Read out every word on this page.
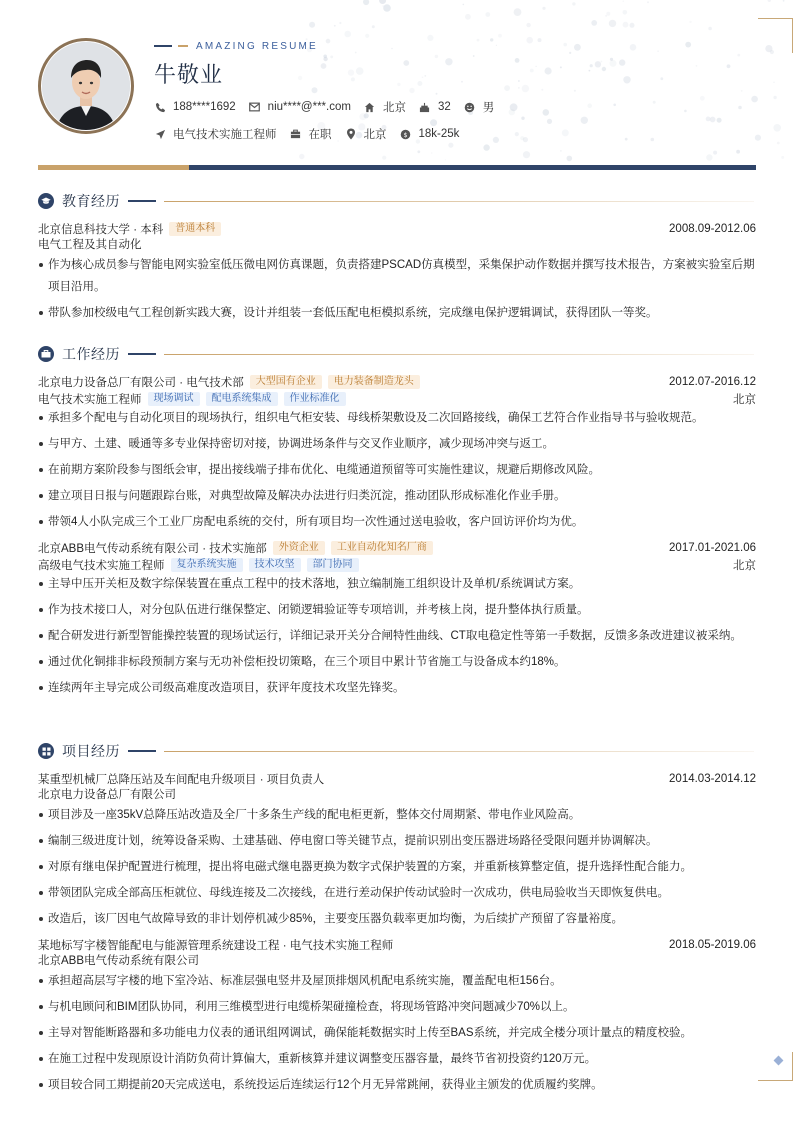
AMAZING RESUME
牛敬业
188****1692	niu****@***.com	北京	32	男
电气技术实施工程师	在职	北京 $ 18k-25k
教育经历
北京信息科技大学 · 本科	普通本科	2008.09-2012.06
电气工程及其自动化
作为核心成员参与智能电网实验室低压微电网仿真课题，负责搭建PSCAD仿真模型，采集保护动作数据并撰写技术报告，方案被实验室后期项目沿用。
带队参加校级电气工程创新实践大赛，设计并组装一套低压配电柜模拟系统，完成继电保护逻辑调试，获得团队一等奖。
工作经历
北京电力设备总厂有限公司 · 电气技术部	大型国有企业	电力装备制造龙头	2012.07-2016.12
电气技术实施工程师	现场调试	配电系统集成	作业标准化	北京
承担多个配电与自动化项目的现场执行，组织电气柜安装、母线桥架敷设及二次回路接线，确保工艺符合作业指导书与验收规范。
与甲方、土建、暖通等多专业保持密切对接，协调进场条件与交叉作业顺序，减少现场冲突与返工。
在前期方案阶段参与图纸会审，提出接线端子排布优化、电缆通道预留等可实施性建议，规避后期修改风险。
建立项目日报与问题跟踪台账，对典型故障及解决办法进行归类沉淀，推动团队形成标准化作业手册。
带领4人小队完成三个工业厂房配电系统的交付，所有项目均一次性通过送电验收，客户回访评价均为优。
北京ABB电气传动系统有限公司 · 技术实施部	外资企业	工业自动化知名厂商	2017.01-2021.06
高级电气技术实施工程师	复杂系统实施	技术攻坚	部门协同	北京
主导中压开关柜及数字综保装置在重点工程中的技术落地，独立编制施工组织设计及单机/系统调试方案。
作为技术接口人，对分包队伍进行继保整定、闭锁逻辑验证等专项培训，并考核上岗，提升整体执行质量。
配合研发进行新型智能操控装置的现场试运行，详细记录开关分合闸特性曲线、CT取电稳定性等第一手数据，反馈多条改进建议被采纳。
通过优化铜排非标段预制方案与无功补偿柜投切策略，在三个项目中累计节省施工与设备成本约18%。
连续两年主导完成公司级高难度改造项目，获评年度技术攻坚先锋奖。
项目经历
某重型机械厂总降压站及车间配电升级项目 · 项目负责人	2014.03-2014.12
北京电力设备总厂有限公司
项目涉及一座35kV总降压站改造及全厂十多条生产线的配电柜更新，整体交付周期紧、带电作业风险高。
编制三级进度计划，统筹设备采购、土建基础、停电窗口等关键节点，提前识别出变压器进场路径受限问题并协调解决。
对原有继电保护配置进行梳理，提出将电磁式继电器更换为数字式保护装置的方案，并重新核算整定值，提升选择性配合能力。
带领团队完成全部高压柜就位、母线连接及二次接线，在进行差动保护传动试验时一次成功，供电局验收当天即恢复供电。
改造后，该厂因电气故障导致的非计划停机减少85%，主要变压器负载率更加均衡，为后续扩产预留了容量裕度。
某地标写字楼智能配电与能源管理系统建设工程 · 电气技术实施工程师	2018.05-2019.06
北京ABB电气传动系统有限公司
承担超高层写字楼的地下室冷站、标准层强电竖井及屋顶排烟风机配电系统实施，覆盖配电柜156台。
与机电顾问和BIM团队协同，利用三维模型进行电缆桥架碰撞检查，将现场管路冲突问题减少70%以上。
主导对智能断路器和多功能电力仪表的通讯组网调试，确保能耗数据实时上传至BAS系统，并完成全楼分项计量点的精度校验。
在施工过程中发现原设计消防负荷计算偏大，重新核算并建议调整变压器容量，最终节省初投资约120万元。
项目较合同工期提前20天完成送电，系统投运后连续运行12个月无异常跳闸，获得业主颁发的优质履约奖牌。
